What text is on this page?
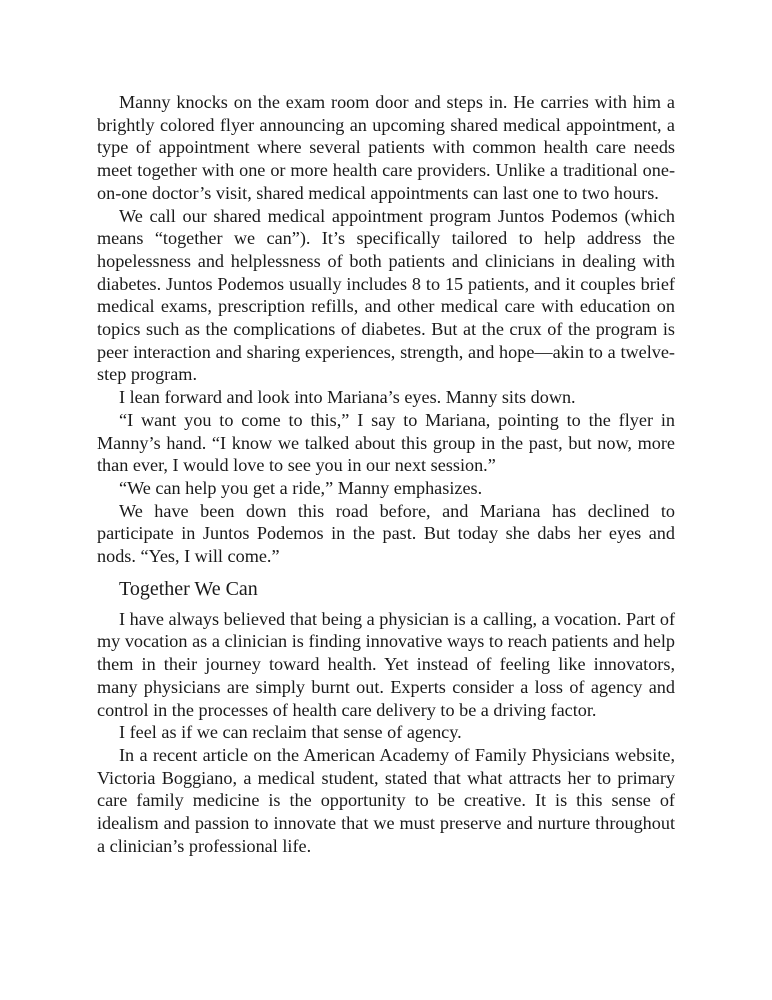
Manny knocks on the exam room door and steps in. He carries with him a brightly colored flyer announcing an upcoming shared medical appointment, a type of appointment where several patients with common health care needs meet together with one or more health care providers. Unlike a traditional one-on-one doctor’s visit, shared medical appointments can last one to two hours.

We call our shared medical appointment program Juntos Podemos (which means “together we can”). It’s specifically tailored to help address the hopelessness and helplessness of both patients and clinicians in dealing with diabetes. Juntos Podemos usually includes 8 to 15 patients, and it couples brief medical exams, prescription refills, and other medical care with education on topics such as the complications of diabetes. But at the crux of the program is peer interaction and sharing experiences, strength, and hope—akin to a twelve-step program.

I lean forward and look into Mariana’s eyes. Manny sits down.

“I want you to come to this,” I say to Mariana, pointing to the flyer in Manny’s hand. “I know we talked about this group in the past, but now, more than ever, I would love to see you in our next session.”

“We can help you get a ride,” Manny emphasizes.

We have been down this road before, and Mariana has declined to participate in Juntos Podemos in the past. But today she dabs her eyes and nods. “Yes, I will come.”

Together We Can

I have always believed that being a physician is a calling, a vocation. Part of my vocation as a clinician is finding innovative ways to reach patients and help them in their journey toward health. Yet instead of feeling like innovators, many physicians are simply burnt out. Experts consider a loss of agency and control in the processes of health care delivery to be a driving factor.

I feel as if we can reclaim that sense of agency.

In a recent article on the American Academy of Family Physicians website, Victoria Boggiano, a medical student, stated that what attracts her to primary care family medicine is the opportunity to be creative. It is this sense of idealism and passion to innovate that we must preserve and nurture throughout a clinician’s professional life.
